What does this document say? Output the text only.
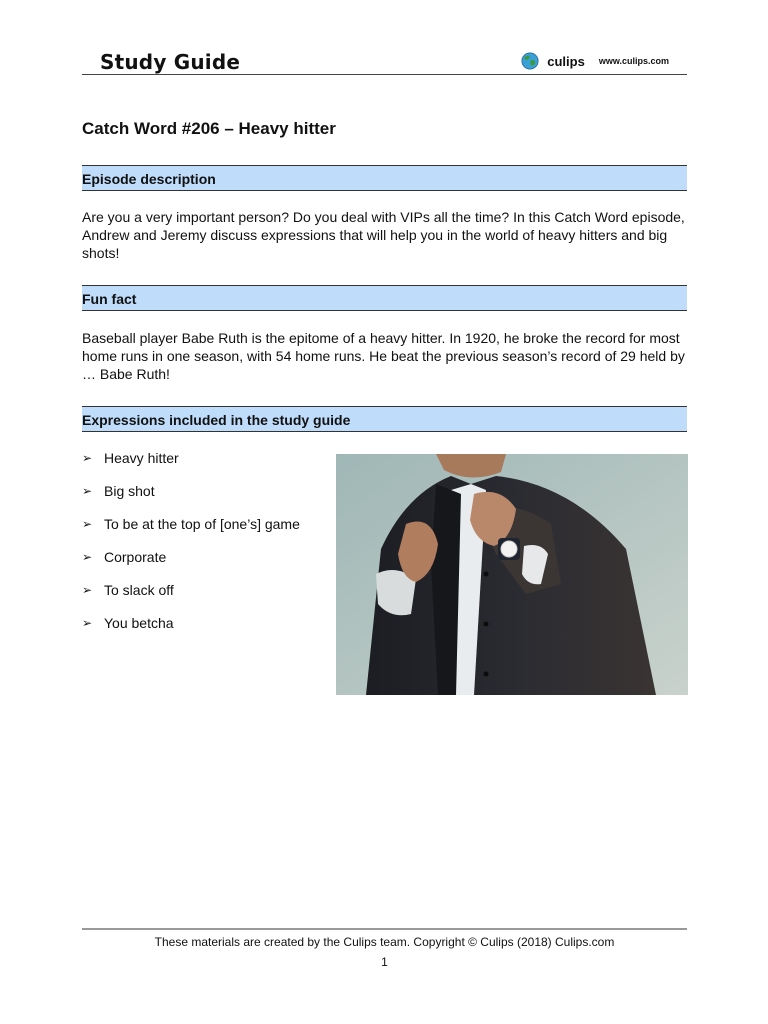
Study Guide	culips www.culips.com
Catch Word #206 – Heavy hitter
Episode description
Are you a very important person? Do you deal with VIPs all the time? In this Catch Word episode, Andrew and Jeremy discuss expressions that will help you in the world of heavy hitters and big shots!
Fun fact
Baseball player Babe Ruth is the epitome of a heavy hitter. In 1920, he broke the record for most home runs in one season, with 54 home runs. He beat the previous season’s record of 29 held by … Babe Ruth!
Expressions included in the study guide
➢ Heavy hitter
➢ Big shot
➢ To be at the top of [one’s] game
➢ Corporate
➢ To slack off
➢ You betcha
These materials are created by the Culips team. Copyright © Culips (2018) Culips.com
1
